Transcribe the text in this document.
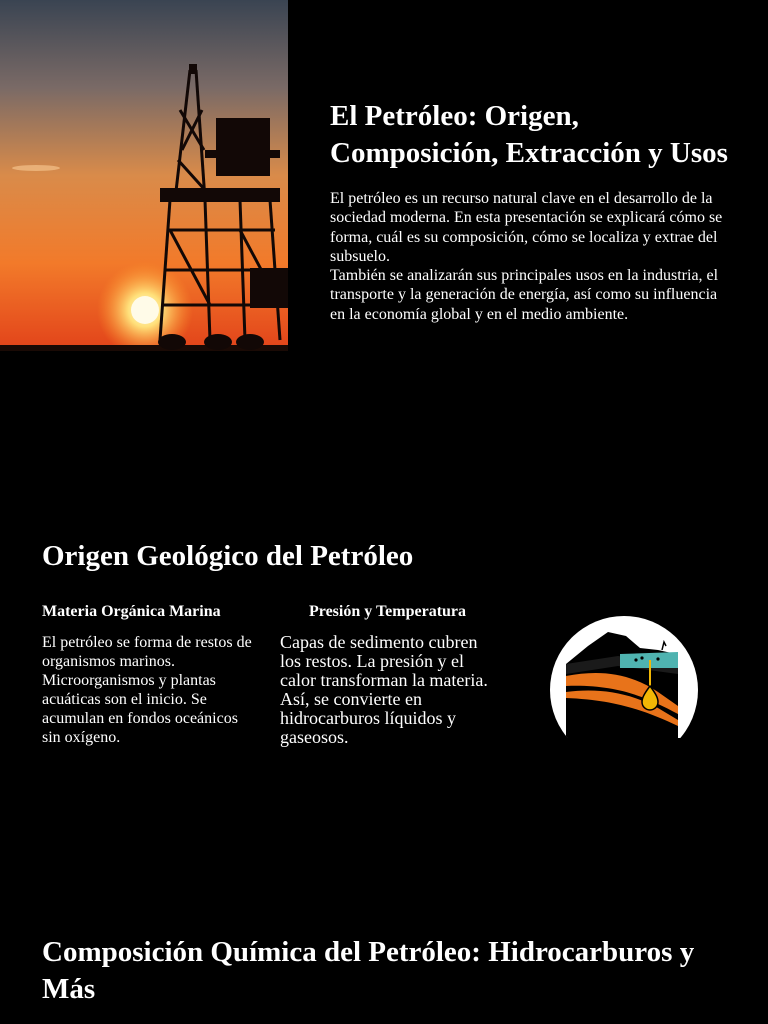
El Petróleo: Origen, Composición, Extracción y Usos

El petróleo es un recurso natural clave en el desarrollo de la sociedad moderna. En esta presentación se explicará cómo se forma, cuál es su composición, cómo se localiza y extrae del subsuelo.

También se analizarán sus principales usos en la industria, el transporte y la generación de energía, así como su influencia en la economía global y en el medio ambiente.

Origen Geológico del Petróleo
Materia Orgánica Marina

El petróleo se forma de restos de organismos marinos. Microorganismos y plantas acuáticas son el inicio. Se acumulan en fondos oceánicos sin oxígeno.

Presión y Temperatura

Capas de sedimento cubren los restos. La presión y el calor transforman la materia. Así, se convierte en hidrocarburos líquidos y gaseosos.

Composición Química del Petróleo: Hidrocarburos y Más
